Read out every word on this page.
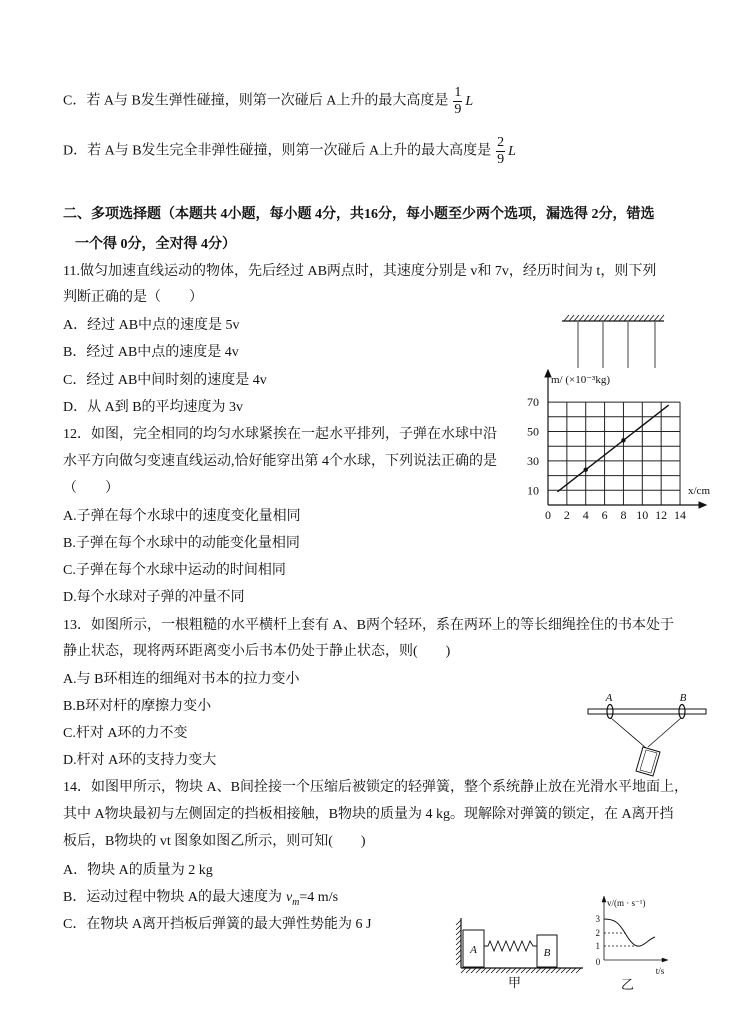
C．若 A与 B发生弹性碰撞，则第一次碰后 A上升的最大高度是 $\frac{1}{9}$ L
D．若 A与 B发生完全非弹性碰撞，则第一次碰后 A上升的最大高度是 $\frac{2}{9}$ L
二、多项选择题（本题共 4小题，每小题 4分，共16分，每小题至少两个选项，漏选得 2分，错选
一个得 0分，全对得 4分）
11.做匀加速直线运动的物体，先后经过 AB两点时，其速度分别是 v和 7v，经历时间为 t，则下列
判断正确的是（　　）
A．经过 AB中点的速度是 5v
B．经过 AB中点的速度是 4v
C．经过 AB中间时刻的速度是 4v
D．从 A到 B的平均速度为 3v
12．如图，完全相同的均匀水球紧挨在一起水平排列，子弹在水球中沿
水平方向做匀变速直线运动,恰好能穿出第 4个水球，下列说法正确的是
（　　）
A.子弹在每个水球中的速度变化量相同
B.子弹在每个水球中的动能变化量相同
C.子弹在每个水球中运动的时间相同
D.每个水球对子弹的冲量不同
13．如图所示，一根粗糙的水平横杆上套有 A、B两个轻环，系在两环上的等长细绳拴住的书本处于
静止状态，现将两环距离变小后书本仍处于静止状态，则(　　)
A.与 B环相连的细绳对书本的拉力变小
B.B环对杆的摩擦力变小
C.杆对 A环的力不变
D.杆对 A环的支持力变大
14．如图甲所示，物块 A、B间拴接一个压缩后被锁定的轻弹簧，整个系统静止放在光滑水平地面上，
其中 A物块最初与左侧固定的挡板相接触，B物块的质量为 4 kg。现解除对弹簧的锁定，在 A离开挡
板后，B物块的 vt 图象如图乙所示，则可知(　　)
A．物块 A的质量为 2 kg
B．运动过程中物块 A的最大速度为 $v_m=4$ m/s
C．在物块 A离开挡板后弹簧的最大弹性势能为 6 J
m/ (×10⁻³kg)
x/cm
70
50
30
10
0 2 4 6 8 10 12 14
A	B
A	B
甲
v/(m · s⁻¹)
3
2
1
0
t/s
乙
